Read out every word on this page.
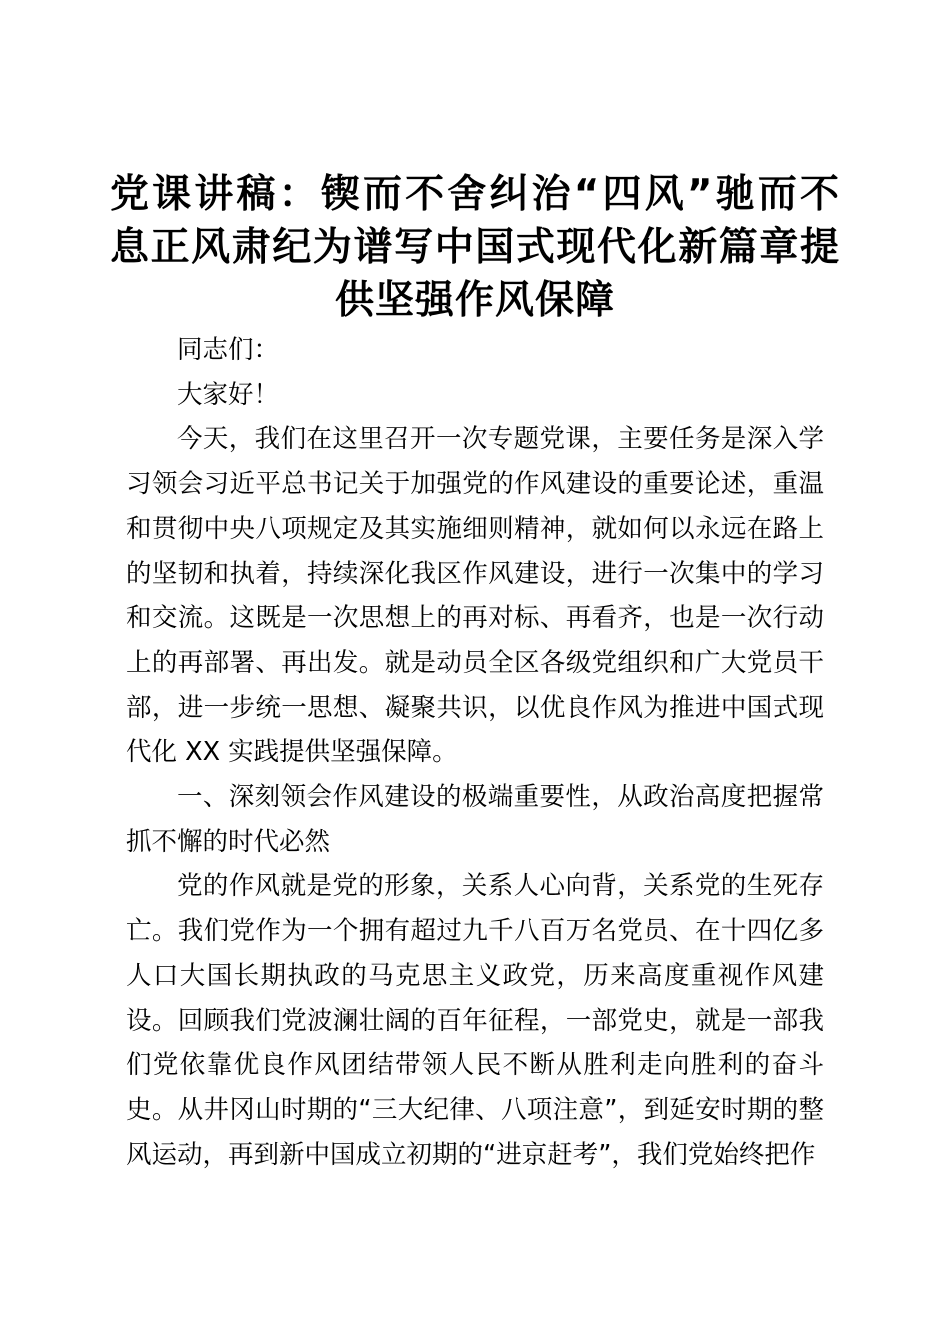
党课讲稿：锲而不舍纠治“四风”驰而不息正风肃纪为谱写中国式现代化新篇章提供坚强作风保障

同志们：

大家好！

今天，我们在这里召开一次专题党课，主要任务是深入学习领会习近平总书记关于加强党的作风建设的重要论述，重温和贯彻中央八项规定及其实施细则精神，就如何以永远在路上的坚韧和执着，持续深化我区作风建设，进行一次集中的学习和交流。这既是一次思想上的再对标、再看齐，也是一次行动上的再部署、再出发。就是动员全区各级党组织和广大党员干部，进一步统一思想、凝聚共识，以优良作风为推进中国式现代化 XX 实践提供坚强保障。

一、深刻领会作风建设的极端重要性，从政治高度把握常抓不懈的时代必然

党的作风就是党的形象，关系人心向背，关系党的生死存亡。我们党作为一个拥有超过九千八百万名党员、在十四亿多人口大国长期执政的马克思主义政党，历来高度重视作风建设。回顾我们党波澜壮阔的百年征程，一部党史，就是一部我们党依靠优良作风团结带领人民不断从胜利走向胜利的奋斗史。从井冈山时期的“三大纪律、八项注意”，到延安时期的整风运动，再到新中国成立初期的“进京赶考”，我们党始终把作
